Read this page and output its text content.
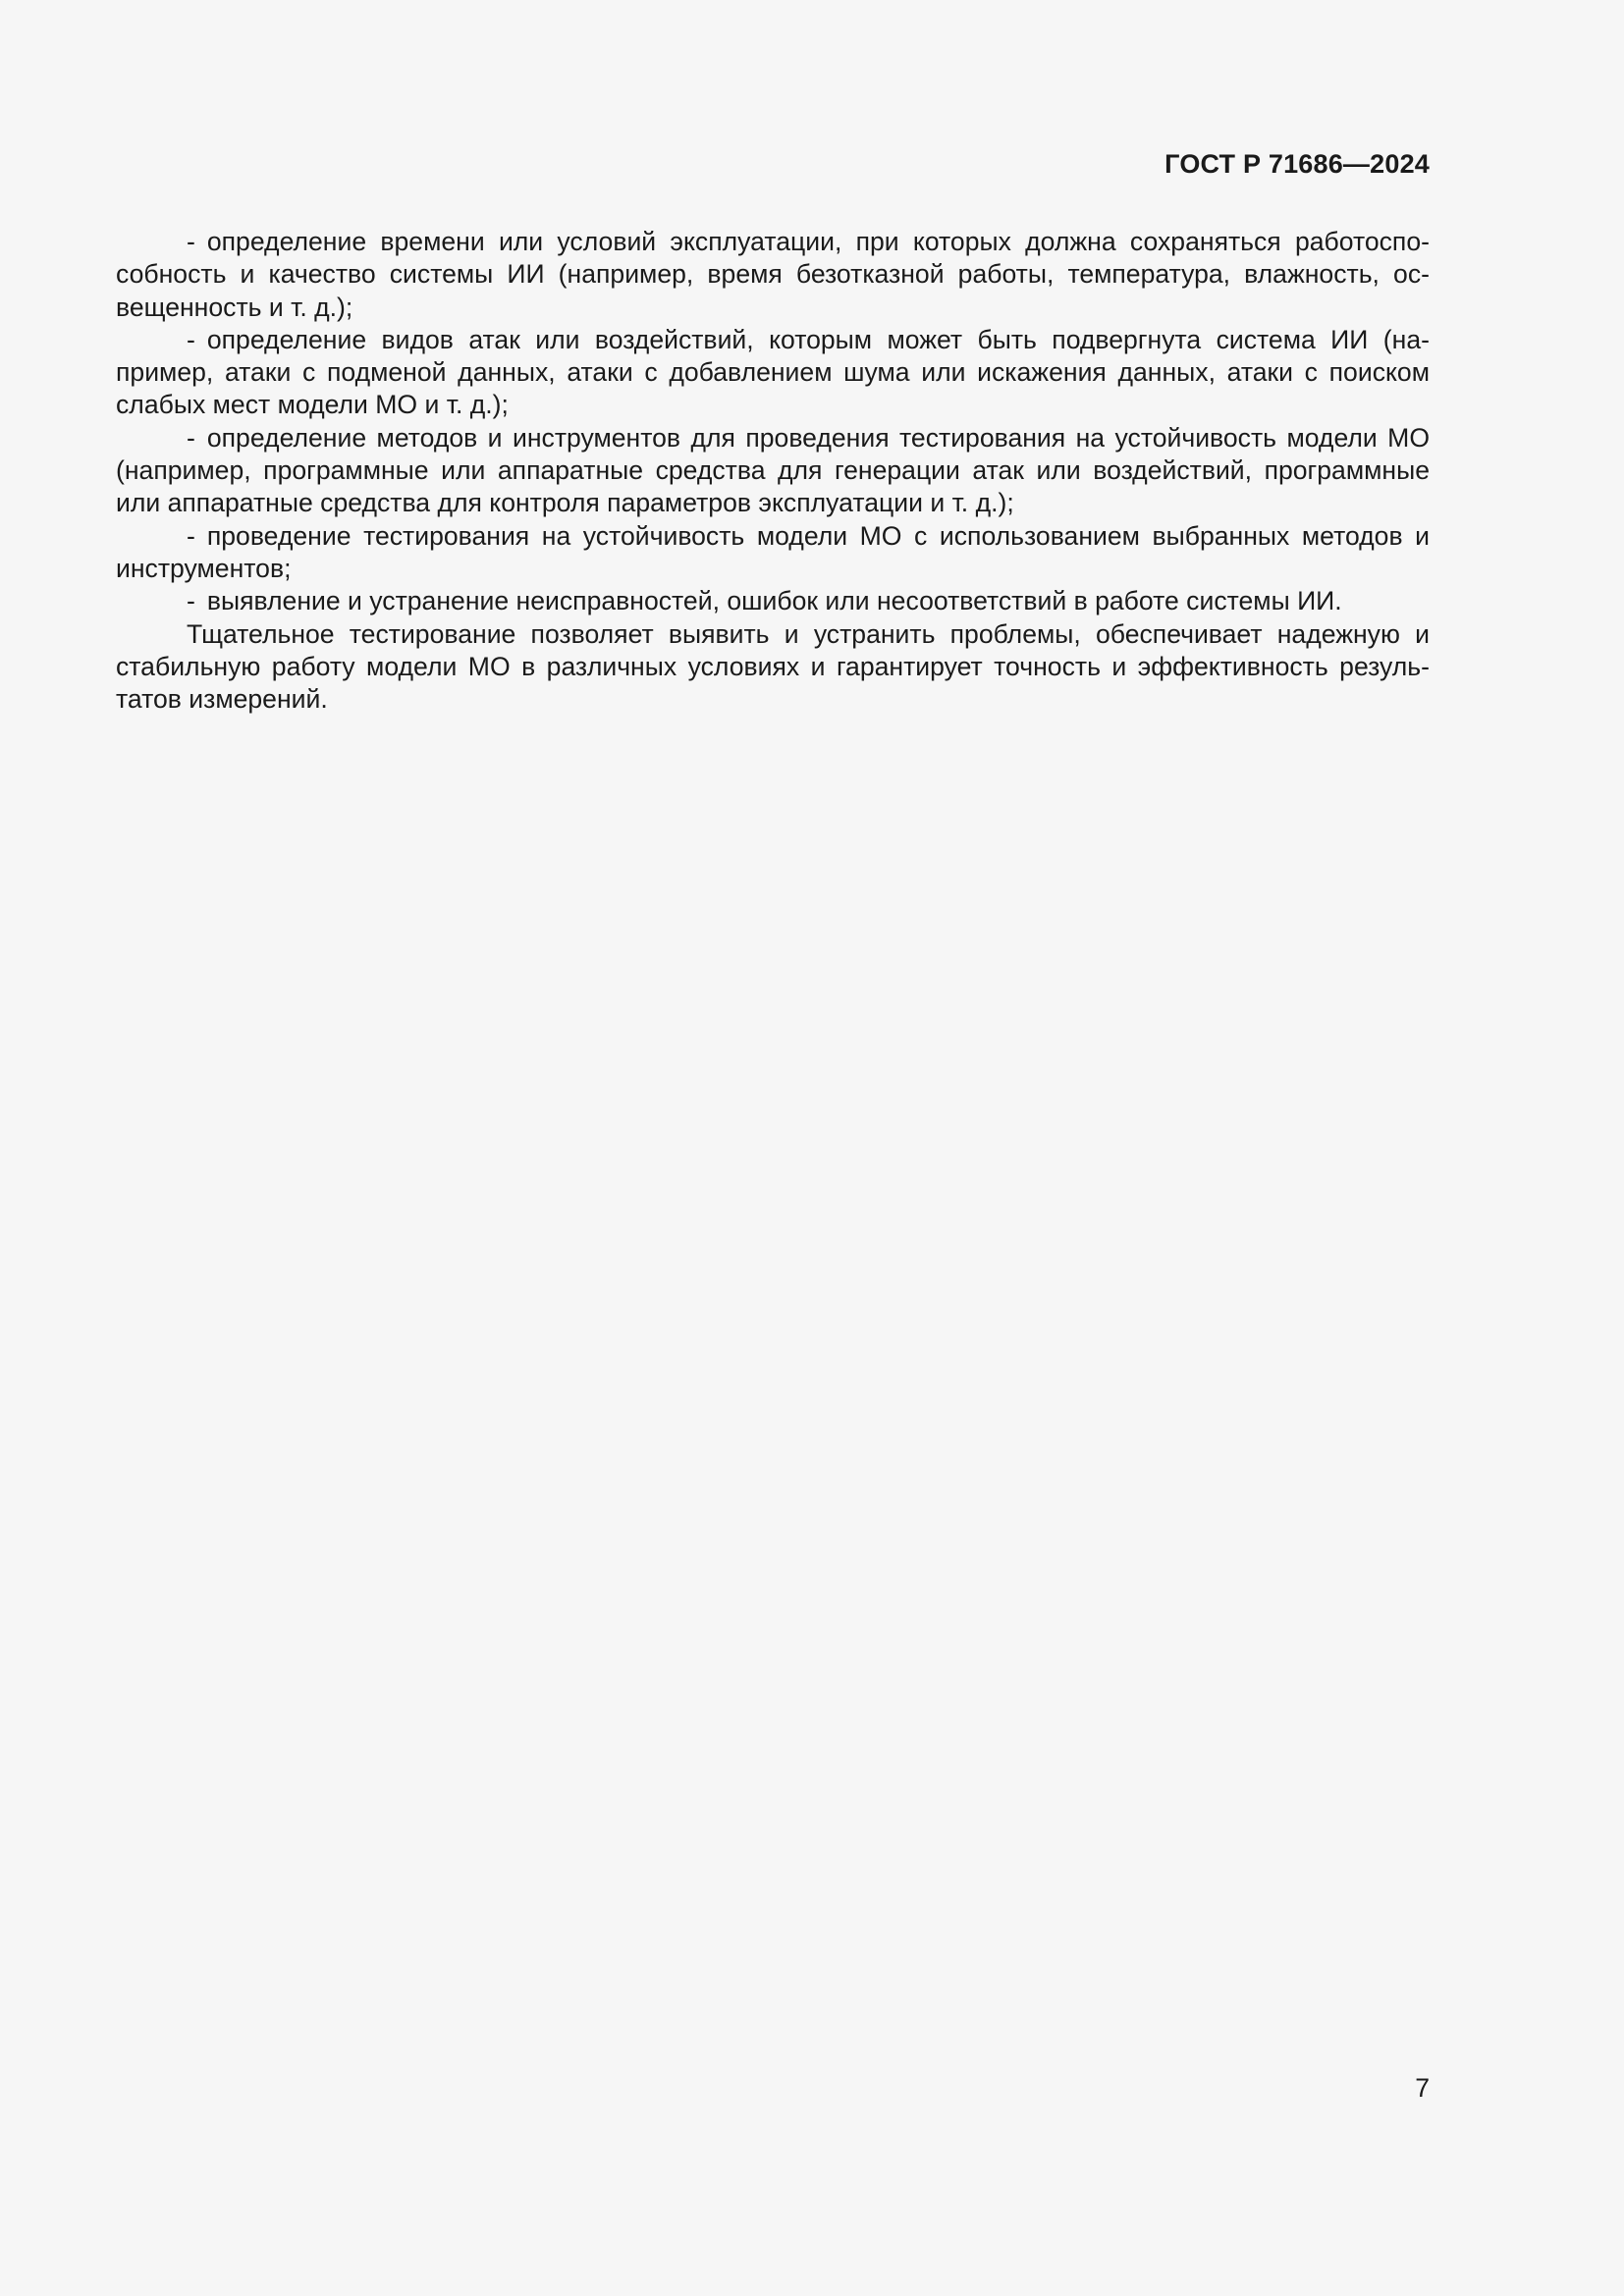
ГОСТ Р 71686—2024

- определение времени или условий эксплуатации, при которых должна сохраняться работоспособность и качество системы ИИ (например, время безотказной работы, температура, влажность, освещенность и т. д.);

- определение видов атак или воздействий, которым может быть подвергнута система ИИ (например, атаки с подменой данных, атаки с добавлением шума или искажения данных, атаки с поиском слабых мест модели МО и т. д.);

- определение методов и инструментов для проведения тестирования на устойчивость модели МО (например, программные или аппаратные средства для генерации атак или воздействий, программные или аппаратные средства для контроля параметров эксплуатации и т. д.);

- проведение тестирования на устойчивость модели МО с использованием выбранных методов и инструментов;

- выявление и устранение неисправностей, ошибок или несоответствий в работе системы ИИ.

Тщательное тестирование позволяет выявить и устранить проблемы, обеспечивает надежную и стабильную работу модели МО в различных условиях и гарантирует точность и эффективность результатов измерений.

7
